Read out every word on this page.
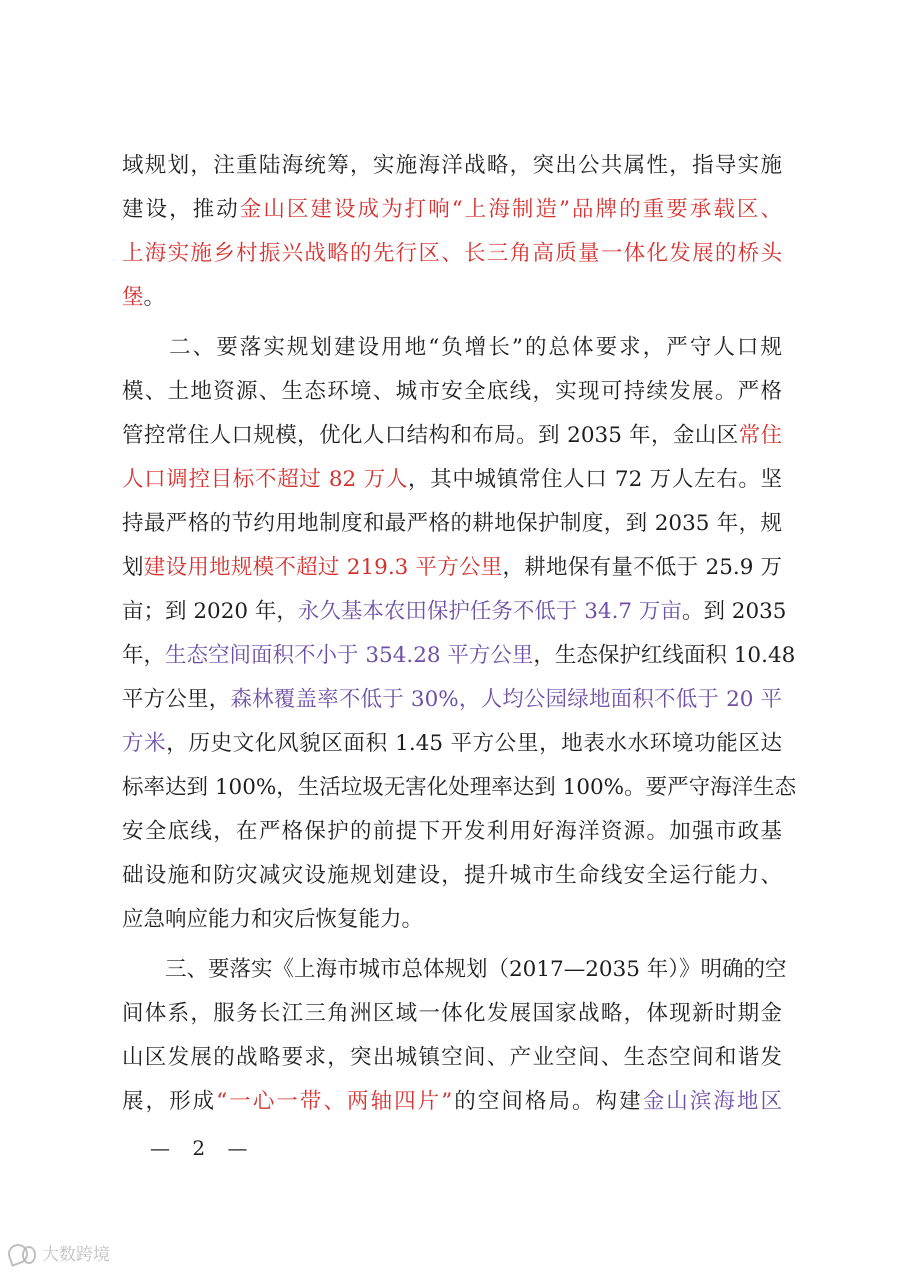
域规划，注重陆海统筹，实施海洋战略，突出公共属性，指导实施
建设，推动金山区建设成为打响“上海制造”品牌的重要承载区、
上海实施乡村振兴战略的先行区、长三角高质量一体化发展的桥头
堡。
　　二、要落实规划建设用地“负增长”的总体要求，严守人口规
模、土地资源、生态环境、城市安全底线，实现可持续发展。严格
管控常住人口规模，优化人口结构和布局。到 2035 年，金山区常住
人口调控目标不超过 82 万人，其中城镇常住人口 72 万人左右。坚
持最严格的节约用地制度和最严格的耕地保护制度，到 2035 年，规
划建设用地规模不超过 219.3 平方公里，耕地保有量不低于 25.9 万
亩；到 2020 年，永久基本农田保护任务不低于 34.7 万亩。到 2035
年，生态空间面积不小于 354.28 平方公里，生态保护红线面积 10.48
平方公里，森林覆盖率不低于 30%，人均公园绿地面积不低于 20 平
方米，历史文化风貌区面积 1.45 平方公里，地表水水环境功能区达
标率达到 100%，生活垃圾无害化处理率达到 100%。要严守海洋生态
安全底线，在严格保护的前提下开发利用好海洋资源。加强市政基
础设施和防灾减灾设施规划建设，提升城市生命线安全运行能力、
应急响应能力和灾后恢复能力。
　　三、要落实《上海市城市总体规划（2017—2035 年）》明确的空
间体系，服务长江三角洲区域一体化发展国家战略，体现新时期金
山区发展的战略要求，突出城镇空间、产业空间、生态空间和谐发
展，形成“一心一带、两轴四片”的空间格局。构建金山滨海地区
— 2 —
大数跨境
